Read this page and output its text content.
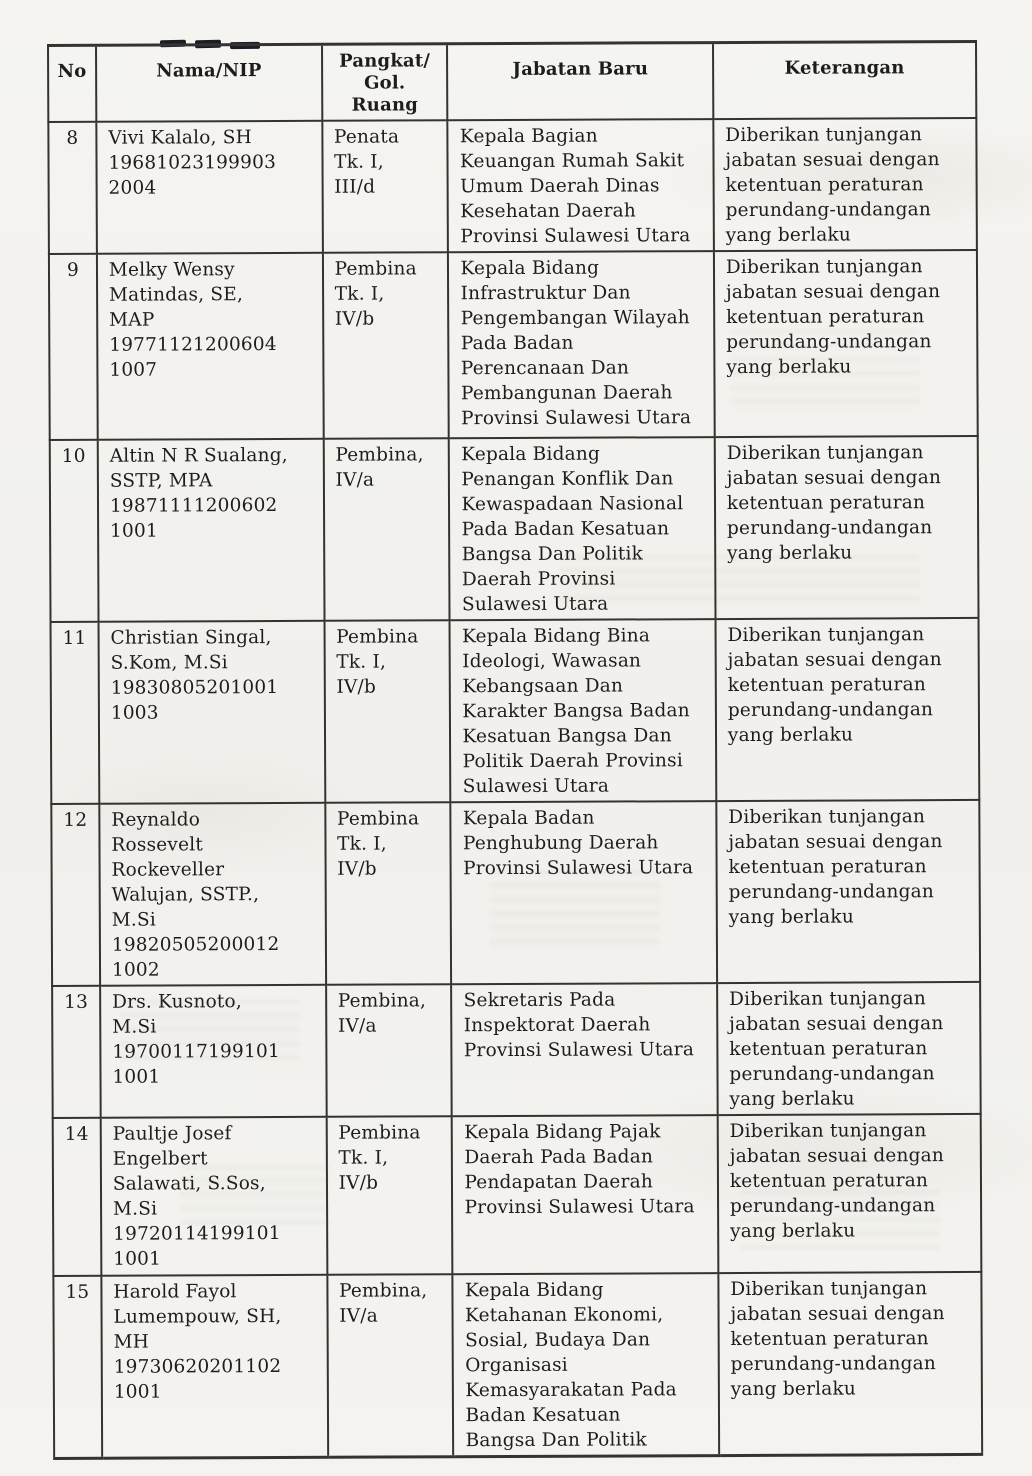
No	Nama/NIP	Pangkat/
Gol.
Ruang	Jabatan Baru	Keterangan
8	Vivi Kalalo, SH
19681023199903
2004	Penata
Tk. I,
III/d	Kepala Bagian
Keuangan Rumah Sakit
Umum Daerah Dinas
Kesehatan Daerah
Provinsi Sulawesi Utara	Diberikan tunjangan
jabatan sesuai dengan
ketentuan peraturan
perundang-undangan
yang berlaku
9	Melky Wensy
Matindas, SE,
MAP
19771121200604
1007	Pembina
Tk. I,
IV/b	Kepala Bidang
Infrastruktur Dan
Pengembangan Wilayah
Pada Badan
Perencanaan Dan
Pembangunan Daerah
Provinsi Sulawesi Utara	Diberikan tunjangan
jabatan sesuai dengan
ketentuan peraturan
perundang-undangan
yang berlaku
10	Altin N R Sualang,
SSTP, MPA
19871111200602
1001	Pembina,
IV/a	Kepala Bidang
Penangan Konflik Dan
Kewaspadaan Nasional
Pada Badan Kesatuan
Bangsa Dan Politik
Daerah Provinsi
Sulawesi Utara	Diberikan tunjangan
jabatan sesuai dengan
ketentuan peraturan
perundang-undangan
yang berlaku
11	Christian Singal,
S.Kom, M.Si
19830805201001
1003	Pembina
Tk. I,
IV/b	Kepala Bidang Bina
Ideologi, Wawasan
Kebangsaan Dan
Karakter Bangsa Badan
Kesatuan Bangsa Dan
Politik Daerah Provinsi
Sulawesi Utara	Diberikan tunjangan
jabatan sesuai dengan
ketentuan peraturan
perundang-undangan
yang berlaku
12	Reynaldo
Rossevelt
Rockeveller
Walujan, SSTP.,
M.Si
19820505200012
1002	Pembina
Tk. I,
IV/b	Kepala Badan
Penghubung Daerah
Provinsi Sulawesi Utara	Diberikan tunjangan
jabatan sesuai dengan
ketentuan peraturan
perundang-undangan
yang berlaku
13	Drs. Kusnoto,
M.Si
19700117199101
1001	Pembina,
IV/a	Sekretaris Pada
Inspektorat Daerah
Provinsi Sulawesi Utara	Diberikan tunjangan
jabatan sesuai dengan
ketentuan peraturan
perundang-undangan
yang berlaku
14	Paultje Josef
Engelbert
Salawati, S.Sos,
M.Si
19720114199101
1001	Pembina
Tk. I,
IV/b	Kepala Bidang Pajak
Daerah Pada Badan
Pendapatan Daerah
Provinsi Sulawesi Utara	Diberikan tunjangan
jabatan sesuai dengan
ketentuan peraturan
perundang-undangan
yang berlaku
15	Harold Fayol
Lumempouw, SH,
MH
19730620201102
1001	Pembina,
IV/a	Kepala Bidang
Ketahanan Ekonomi,
Sosial, Budaya Dan
Organisasi
Kemasyarakatan Pada
Badan Kesatuan
Bangsa Dan Politik	Diberikan tunjangan
jabatan sesuai dengan
ketentuan peraturan
perundang-undangan
yang berlaku
